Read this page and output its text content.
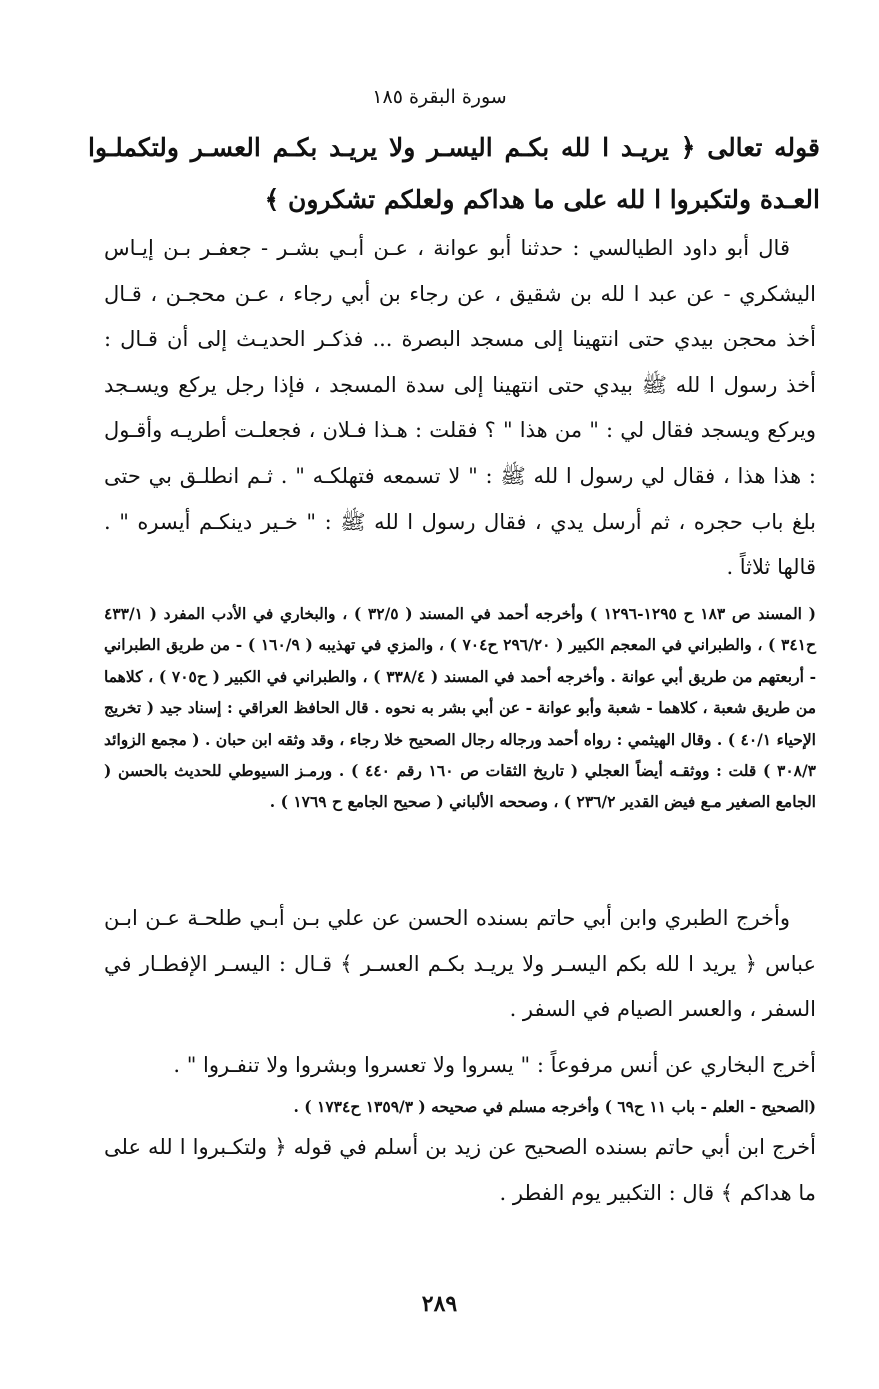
سورة البقرة ١٨٥
قوله تعالى ﴿ يريـد ا لله بكـم اليسـر ولا يريـد بكـم العسـر ولتكملـوا العـدة ولتكبروا ا لله على ما هداكم ولعلكم تشكرون ﴾
قال أبو داود الطيالسي : حدثنا أبو عوانة ، عـن أبـي بشـر - جعفـر بـن إيـاس اليشكري - عن عبد ا لله بن شقيق ، عن رجاء بن أبي رجاء ، عـن محجـن ، قـال أخذ محجن بيدي حتى انتهينا إلى مسجد البصرة ... فذكـر الحديـث إلى أن قـال : أخذ رسول ا لله ﷺ بيدي حتى انتهينا إلى سدة المسجد ، فإذا رجل يركع ويسـجد ويركع ويسجد فقال لي : " من هذا " ؟ فقلت : هـذا فـلان ، فجعلـت أطريـه وأقـول : هذا هذا ، فقال لي رسول ا لله ﷺ : " لا تسمعه فتهلكـه " . ثـم انطلـق بي حتى بلغ باب حجره ، ثم أرسل يدي ، فقال رسول ا لله ﷺ : " خـير دينكـم أيسره " . قالها ثلاثاً .
( المسند ص ١٨٣ ح ١٢٩٥-١٢٩٦ ) وأخرجه أحمد في المسند ( ٣٢/٥ ) ، والبخاري في الأدب المفرد ( ٤٣٣/١ ح٣٤١ ) ، والطبراني في المعجم الكبير ( ٢٩٦/٢٠ ح٧٠٤ ) ، والمزي في تهذيبه ( ١٦٠/٩ ) - من طريق الطبراني - أربعتهم من طريق أبي عوانة . وأخرجه أحمد في المسند ( ٣٣٨/٤ ) ، والطبراني في الكبير ( ح٧٠٥ ) ، كلاهما من طريق شعبة ، كلاهما - شعبة وأبو عوانة - عن أبي بشر به نحوه . قال الحافظ العراقي : إسناد جيد ( تخريج الإحياء ٤٠/١ ) . وقال الهيثمي : رواه أحمد ورجاله رجال الصحيح خلا رجاء ، وقد وثقه ابن حبان . ( مجمع الزوائد ٣٠٨/٣ ) قلت : ووثقـه أيضاً العجلي ( تاريخ الثقات ص ١٦٠ رقم ٤٤٠ ) . ورمـز السيوطي للحديث بالحسن ( الجامع الصغير مـع فيض القدير ٢٣٦/٢ ) ، وصححه الألباني ( صحيح الجامع ح ١٧٦٩ ) .
وأخرج الطبري وابن أبي حاتم بسنده الحسن عن علي بـن أبـي طلحـة عـن ابـن عباس ﴿ يريد ا لله بكم اليسـر ولا يريـد بكـم العسـر ﴾ قـال : اليسـر الإفطـار في السفر ، والعسر الصيام في السفر .
أخرج البخاري عن أنس مرفوعاً : " يسروا ولا تعسروا وبشروا ولا تنفـروا " .
(الصحيح - العلم - باب ١١ ح٦٩ ) وأخرجه مسلم في صحيحه ( ١٣٥٩/٣ ح١٧٣٤ ) .
أخرج ابن أبي حاتم بسنده الصحيح عن زيد بن أسلم في قوله ﴿ ولتكـبروا ا لله على ما هداكم ﴾ قال : التكبير يوم الفطر .
٢٨٩
